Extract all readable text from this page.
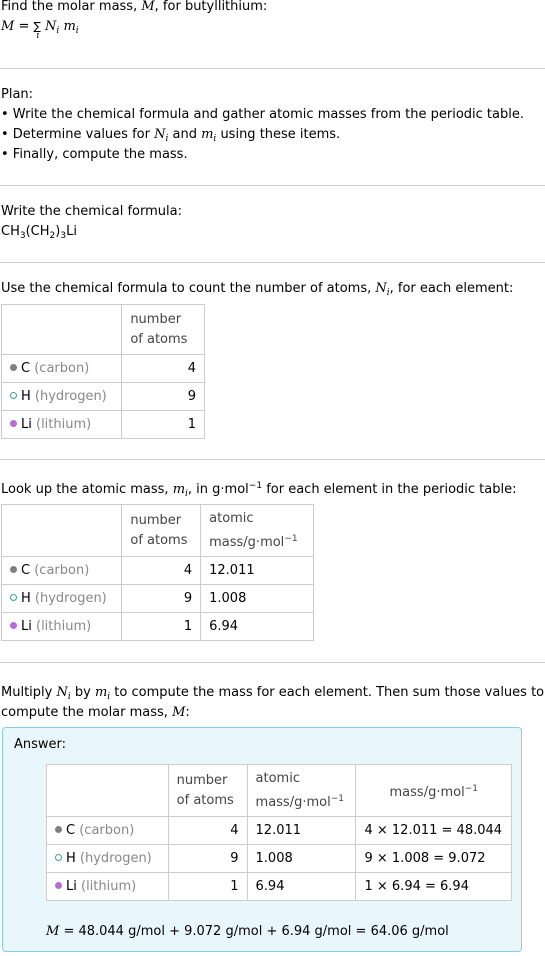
Find the molar mass, M, for butyllithium:
M = ∑
i
$N_i$ $m_i$
Plan:
• Write the chemical formula and gather atomic masses from the periodic table.
• Determine values for $N_i$ and $m_i$ using these items.
• Finally, compute the mass.
Write the chemical formula:
$CH_3(CH_2)_3Li$
Use the chemical formula to count the number of atoms, $N_i$, for each element:
	number
of atoms
C (carbon)	4
H (hydrogen)	9
Li (lithium)	1
Look up the atomic mass, $m_i$, in g·mol$^{-1}$ for each element in the periodic table:
	number
of atoms	atomic
mass/g·mol$^{-1}$
C (carbon)	4	12.011
H (hydrogen)	9	1.008
Li (lithium)	1	6.94
Multiply $N_i$ by $m_i$ to compute the mass for each element. Then sum those values to
compute the molar mass, M:
Answer:
	number
of atoms	atomic
mass/g·mol$^{-1}$	mass/g·mol$^{-1}$
C (carbon)	4	12.011	4 × 12.011 = 48.044
H (hydrogen)	9	1.008	9 × 1.008 = 9.072
Li (lithium)	1	6.94	1 × 6.94 = 6.94
M = 48.044 g/mol + 9.072 g/mol + 6.94 g/mol = 64.06 g/mol
